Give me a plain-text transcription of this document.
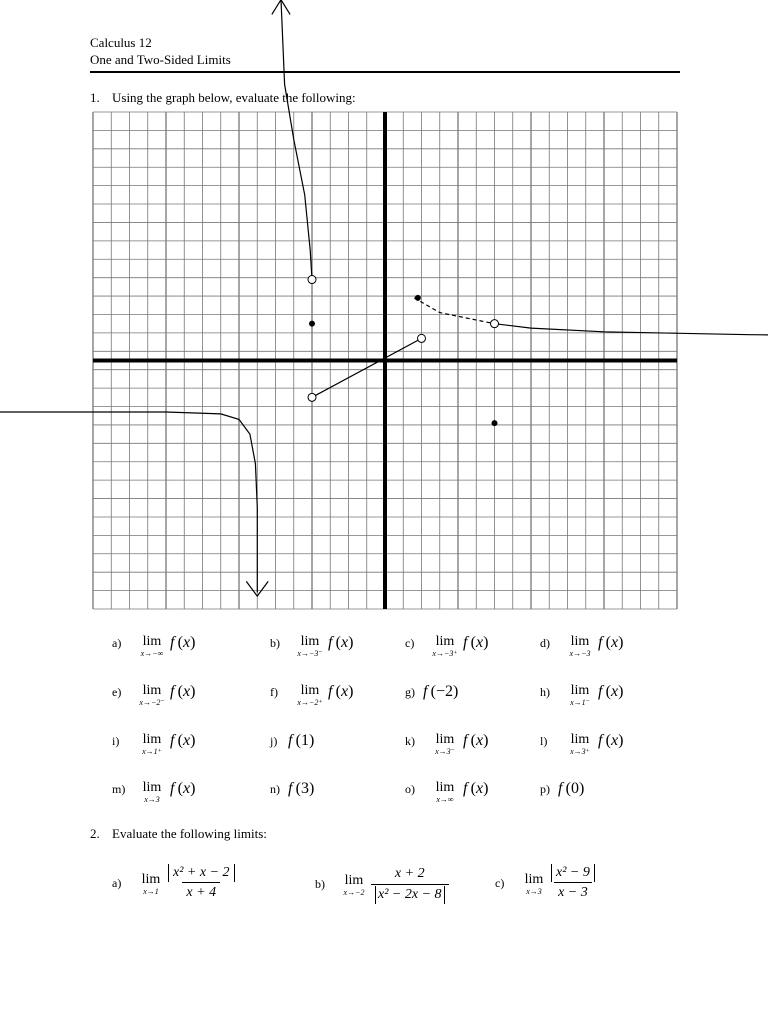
Calculus 12
One and Two-Sided Limits
1. Using the graph below, evaluate the following:
a)	lim
x→−∞
f (x)	b)	lim
x→−3⁻
f (x)	c)	lim
x→−3⁺
f (x)	d)	lim
x→−3
f (x)
e)	lim
x→−2⁻
f (x)	f)	lim
x→−2⁺
f (x)	g) f (−2)	h)	lim
x→1⁻
f (x)
i)	lim
x→1⁺
f (x)	j) f (1)	k)	lim
x→3⁻
f (x)	l)	lim
x→3⁺
f (x)
m)	lim
x→3
f (x)	n) f (3)	o)	lim
x→∞
f (x)	p) f (0)
2. Evaluate the following limits:
a)	lim
$x\to 1 \frac{\text{x² + x − 2}}{x + 4}$	b)	lim
$x\to-2 \frac{x + 2}{\text{x² − 2x − 8}}$	c)	lim
$x\to 3 \frac{\text{x² − 9}}{x - 3}$
